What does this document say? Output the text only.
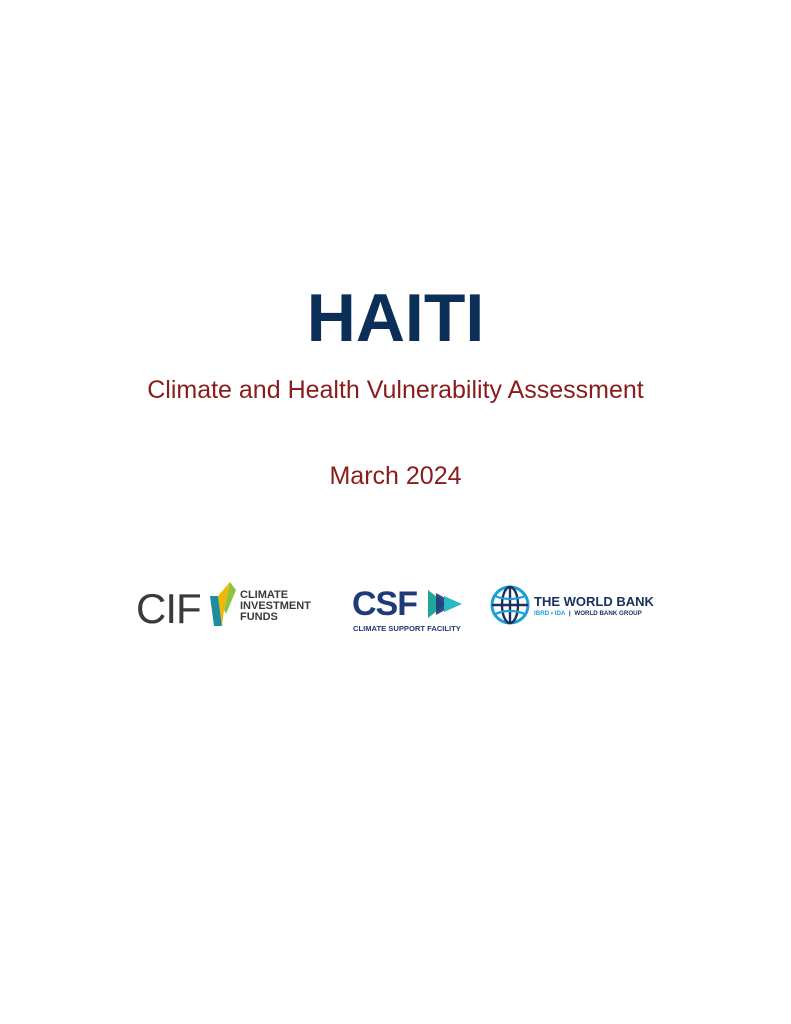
HAITI
Climate and Health Vulnerability Assessment
March 2024
CIF	CLIMATE
INVESTMENT
FUNDS	CSF
CLIMATE SUPPORT FACILITY
THE WORLD BANK
IBRD • IDA | WORLD BANK GROUP
